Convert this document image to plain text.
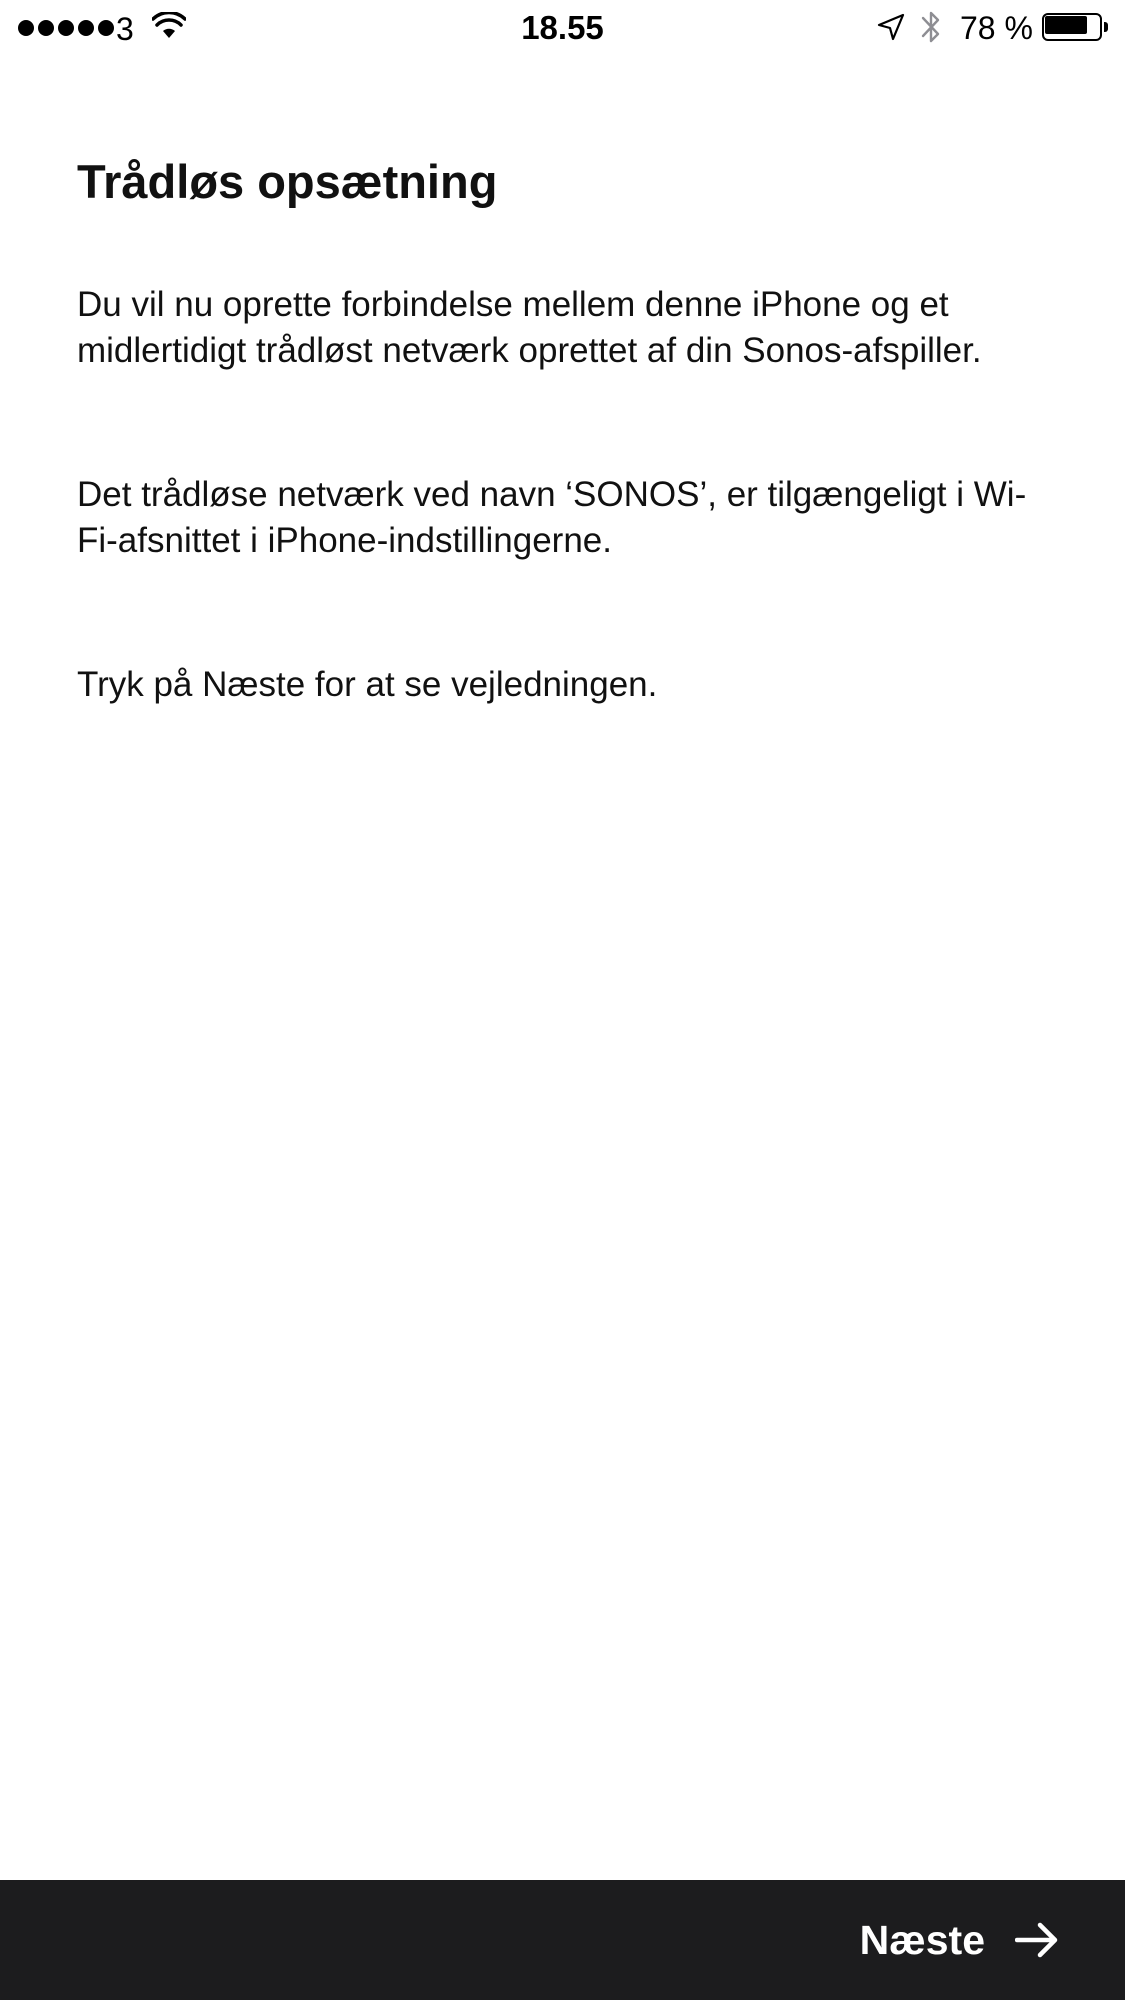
3	18.55	78 %
Trådløs opsætning

Du vil nu oprette forbindelse mellem denne iPhone og et midlertidigt trådløst netværk oprettet af din Sonos-afspiller.

Det trådløse netværk ved navn ‘SONOS’, er tilgængeligt i Wi-Fi-afsnittet i iPhone-indstillingerne.

Tryk på Næste for at se vejledningen.

Næste
